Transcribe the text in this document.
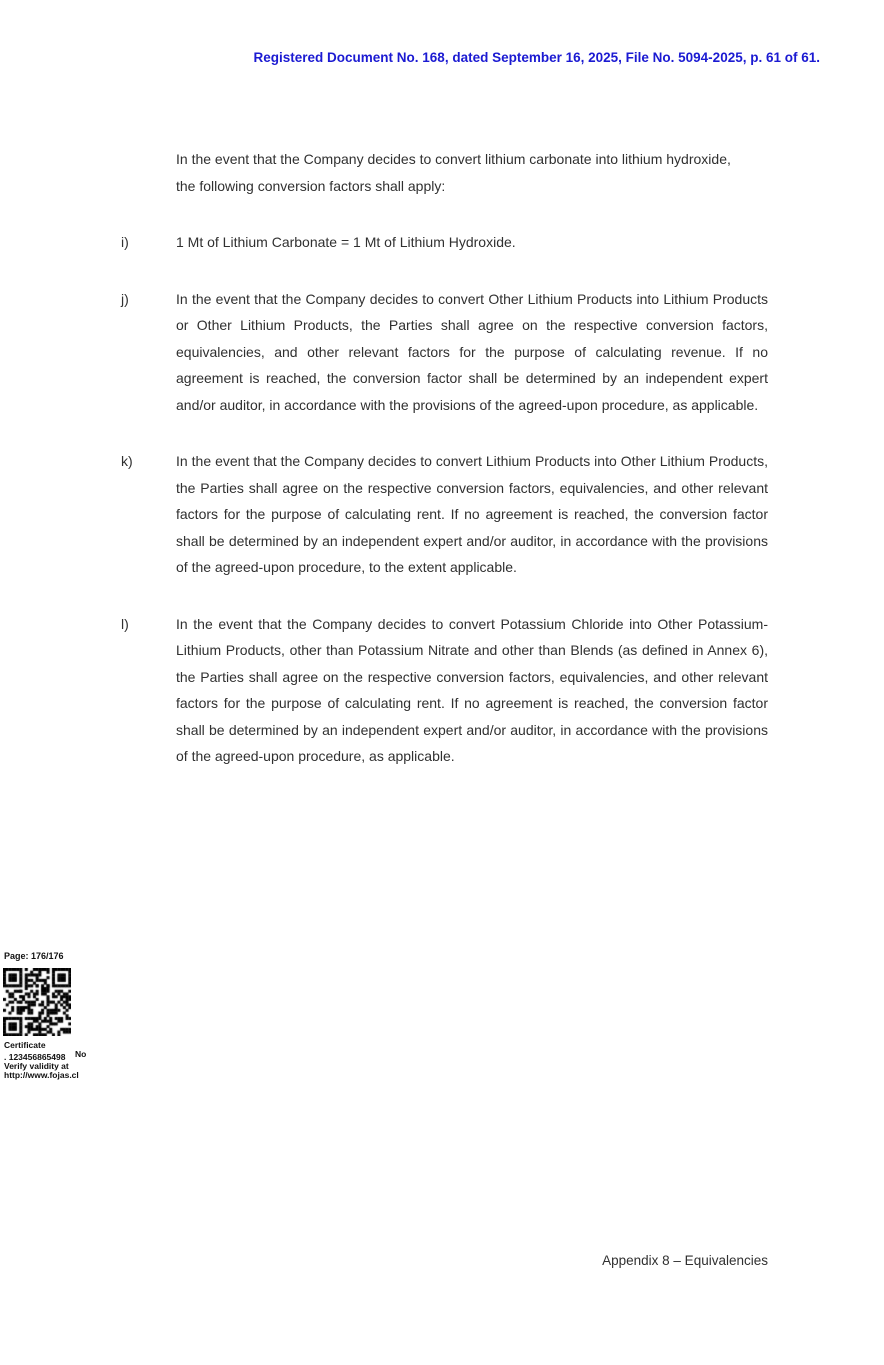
Registered Document No. 168, dated September 16, 2025, File No. 5094-2025, p. 61 of 61.

In the event that the Company decides to convert lithium carbonate into lithium hydroxide, the following conversion factors shall apply:

i)	1 Mt of Lithium Carbonate = 1 Mt of Lithium Hydroxide.

j)	In the event that the Company decides to convert Other Lithium Products into Lithium Products or Other Lithium Products, the Parties shall agree on the respective conversion factors, equivalencies, and other relevant factors for the purpose of calculating revenue. If no agreement is reached, the conversion factor shall be determined by an independent expert and/or auditor, in accordance with the provisions of the agreed-upon procedure, as applicable.

k)	In the event that the Company decides to convert Lithium Products into Other Lithium Products, the Parties shall agree on the respective conversion factors, equivalencies, and other relevant factors for the purpose of calculating rent. If no agreement is reached, the conversion factor shall be determined by an independent expert and/or auditor, in accordance with the provisions of the agreed-upon procedure, to the extent applicable.

l)	In the event that the Company decides to convert Potassium Chloride into Other Potassium-Lithium Products, other than Potassium Nitrate and other than Blends (as defined in Annex 6), the Parties shall agree on the respective conversion factors, equivalencies, and other relevant factors for the purpose of calculating rent. If no agreement is reached, the conversion factor shall be determined by an independent expert and/or auditor, in accordance with the provisions of the agreed-upon procedure, as applicable.

Page: 176/176
Certificate
No
. 123456865498
Verify validity at
http://www.fojas.cl
Appendix 8 – Equivalencies
